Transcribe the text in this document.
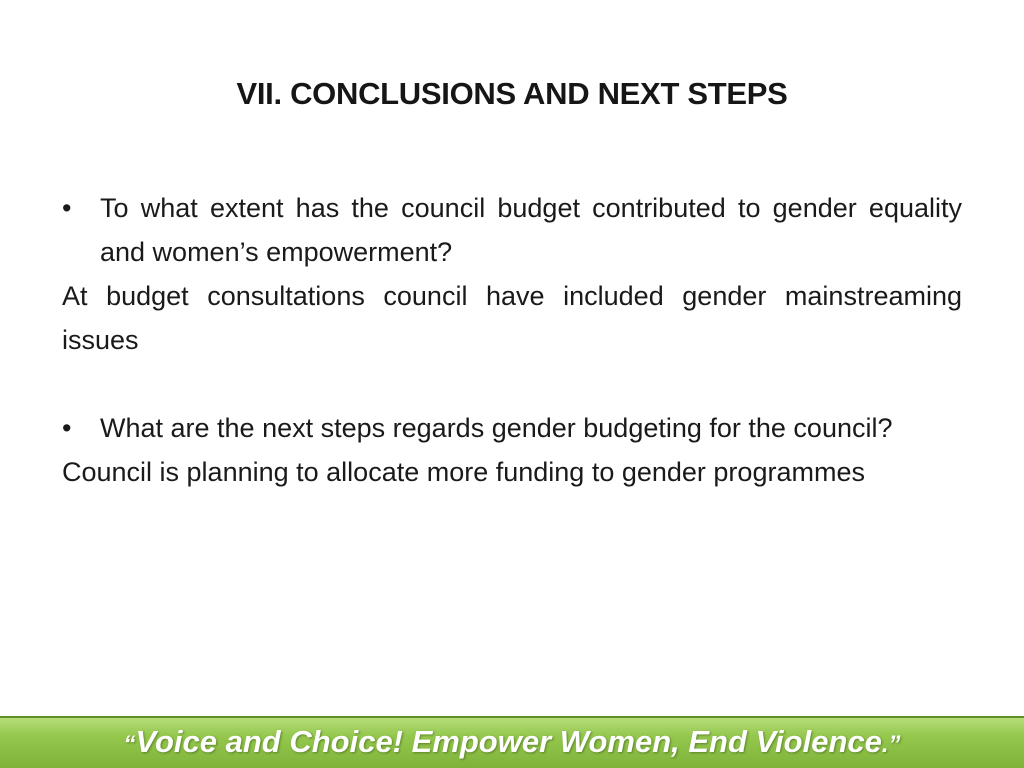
VII. CONCLUSIONS AND NEXT STEPS
•	To what extent has the council budget contributed to gender equality and women’s empowerment?
At budget consultations council have included gender mainstreaming issues
•	What are the next steps regards gender budgeting for the council?
Council is planning to allocate more funding to gender programmes
“Voice and Choice! Empower Women, End Violence.”
